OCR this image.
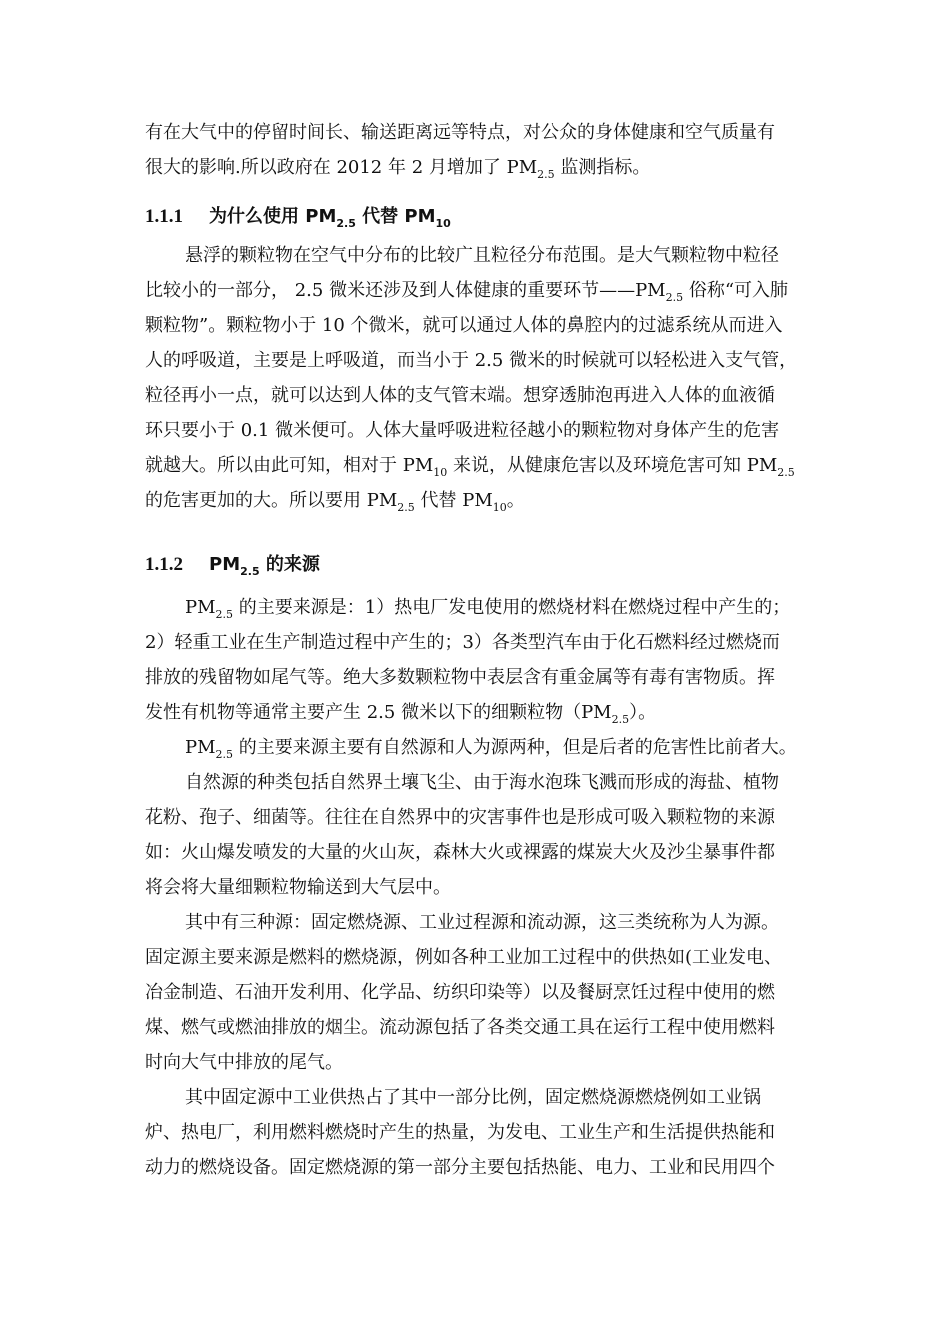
有在大气中的停留时间长、输送距离远等特点，对公众的身体健康和空气质量有
很大的影响.所以政府在 2012 年 2 月增加了 $PM_{2.5}$ 监测指标。
1.1.1 为什么使用 $PM_{2.5}$ 代替 $PM_{10}$
悬浮的颗粒物在空气中分布的比较广且粒径分布范围。是大气颗粒物中粒径
比较小的一部分， 2.5 微米还涉及到人体健康的重要环节$——PM_{2.5}$ 俗称“可入肺
颗粒物”。颗粒物小于 10 个微米，就可以通过人体的鼻腔内的过滤系统从而进入
人的呼吸道，主要是上呼吸道，而当小于 2.5 微米的时候就可以轻松进入支气管，
粒径再小一点，就可以达到人体的支气管末端。想穿透肺泡再进入人体的血液循
环只要小于 0.1 微米便可。人体大量呼吸进粒径越小的颗粒物对身体产生的危害
就越大。所以由此可知，相对于 $PM_{10}$ 来说，从健康危害以及环境危害可知 $PM_{2.5}$
的危害更加的大。所以要用 $PM_{2.5}$ 代替 $PM_{10}$。
1.1.2 $PM_{2.5}$ 的来源
$PM_{2.5}$ 的主要来源是：1）热电厂发电使用的燃烧材料在燃烧过程中产生的；
2）轻重工业在生产制造过程中产生的；3）各类型汽车由于化石燃料经过燃烧而
排放的残留物如尾气等。绝大多数颗粒物中表层含有重金属等有毒有害物质。挥
发性有机物等通常主要产生 2.5 微米以下的细颗粒物$(PM_{2.5})$。
$PM_{2.5}$ 的主要来源主要有自然源和人为源两种，但是后者的危害性比前者大。
自然源的种类包括自然界土壤飞尘、由于海水泡珠飞溅而形成的海盐、植物
花粉、孢子、细菌等。往往在自然界中的灾害事件也是形成可吸入颗粒物的来源
如：火山爆发喷发的大量的火山灰，森林大火或裸露的煤炭大火及沙尘暴事件都
将会将大量细颗粒物输送到大气层中。
其中有三种源：固定燃烧源、工业过程源和流动源，这三类统称为人为源。
固定源主要来源是燃料的燃烧源，例如各种工业加工过程中的供热如(工业发电、
冶金制造、石油开发利用、化学品、纺织印染等）以及餐厨烹饪过程中使用的燃
煤、燃气或燃油排放的烟尘。流动源包括了各类交通工具在运行工程中使用燃料
时向大气中排放的尾气。
其中固定源中工业供热占了其中一部分比例，固定燃烧源燃烧例如工业锅
炉、热电厂，利用燃料燃烧时产生的热量，为发电、工业生产和生活提供热能和
动力的燃烧设备。固定燃烧源的第一部分主要包括热能、电力、工业和民用四个
